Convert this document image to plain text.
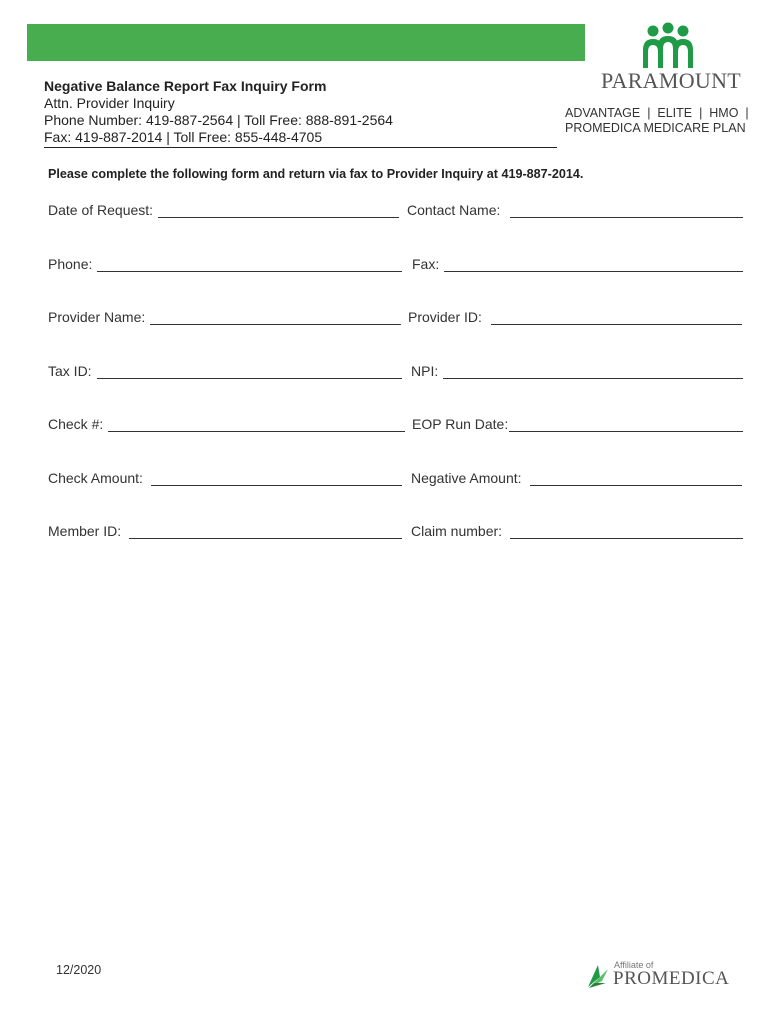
PARAMOUNT
ADVANTAGE  |  ELITE  |  HMO  |
PROMEDICA MEDICARE PLAN
Negative Balance Report Fax Inquiry Form
Attn. Provider Inquiry
Phone Number: 419-887-2564 | Toll Free: 888-891-2564
Fax: 419-887-2014 | Toll Free: 855-448-4705
Please complete the following form and return via fax to Provider Inquiry at 419-887-2014.
Date of Request:	Contact Name:
Phone:	Fax:
Provider Name:	Provider ID:
Tax ID:	NPI:
Check #:	EOP Run Date:
Check Amount:	Negative Amount:
Member ID:	Claim number:
12/2020	Affiliate of
PROMEDICA
